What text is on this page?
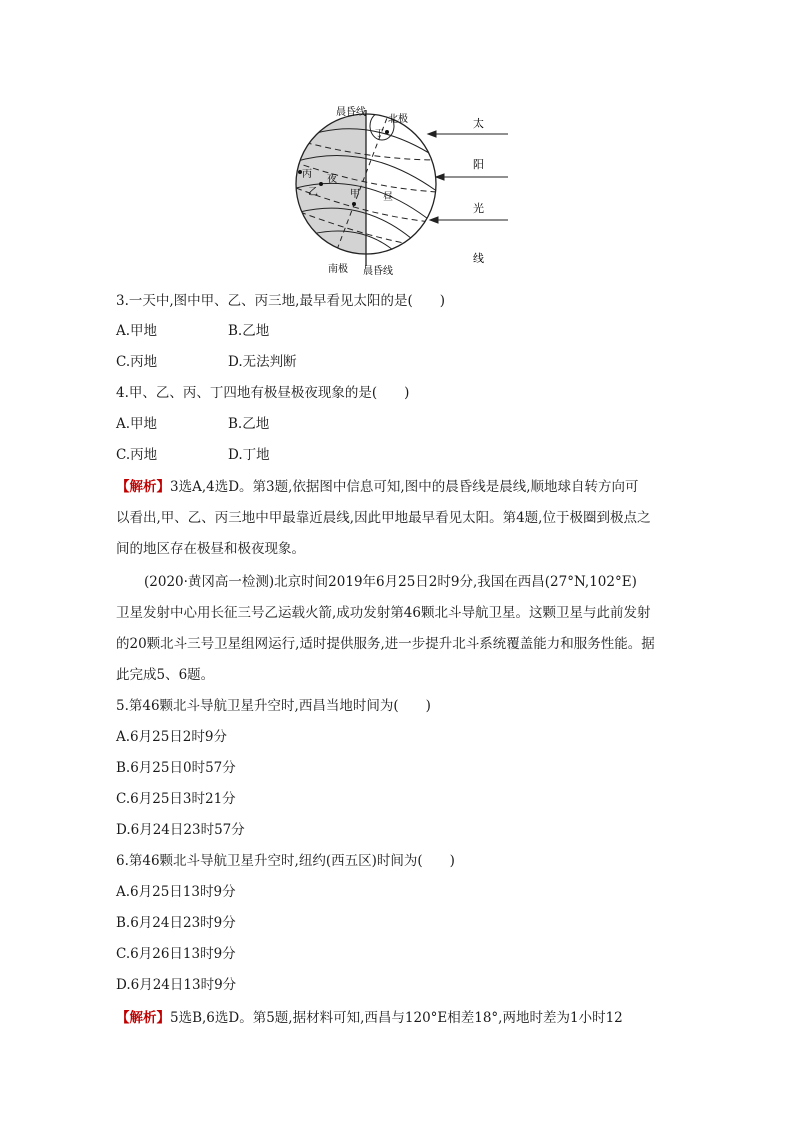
晨昏线
北极
丁
丙 夜
乙	甲 昼
南极 晨昏线
太
阳
光
线
3.一天中,图中甲、乙、丙三地,最早看见太阳的是(　　)
A.甲地	B.乙地
C.丙地	D.无法判断
4.甲、乙、丙、丁四地有极昼极夜现象的是(　　)
A.甲地	B.乙地
C.丙地	D.丁地
【解析】3选A,4选D。第3题,依据图中信息可知,图中的晨昏线是晨线,顺地球自转方向可
以看出,甲、乙、丙三地中甲最靠近晨线,因此甲地最早看见太阳。第4题,位于极圈到极点之
间的地区存在极昼和极夜现象。
(2020·黄冈高一检测)北京时间2019年6月25日2时9分,我国在西昌(27°N,102°E)
卫星发射中心用长征三号乙运载火箭,成功发射第46颗北斗导航卫星。这颗卫星与此前发射
的20颗北斗三号卫星组网运行,适时提供服务,进一步提升北斗系统覆盖能力和服务性能。据
此完成5、6题。
5.第46颗北斗导航卫星升空时,西昌当地时间为(　　)
A.6月25日2时9分
B.6月25日0时57分
C.6月25日3时21分
D.6月24日23时57分
6.第46颗北斗导航卫星升空时,纽约(西五区)时间为(　　)
A.6月25日13时9分
B.6月24日23时9分
C.6月26日13时9分
D.6月24日13时9分
【解析】5选B,6选D。第5题,据材料可知,西昌与120°E相差18°,两地时差为1小时12
